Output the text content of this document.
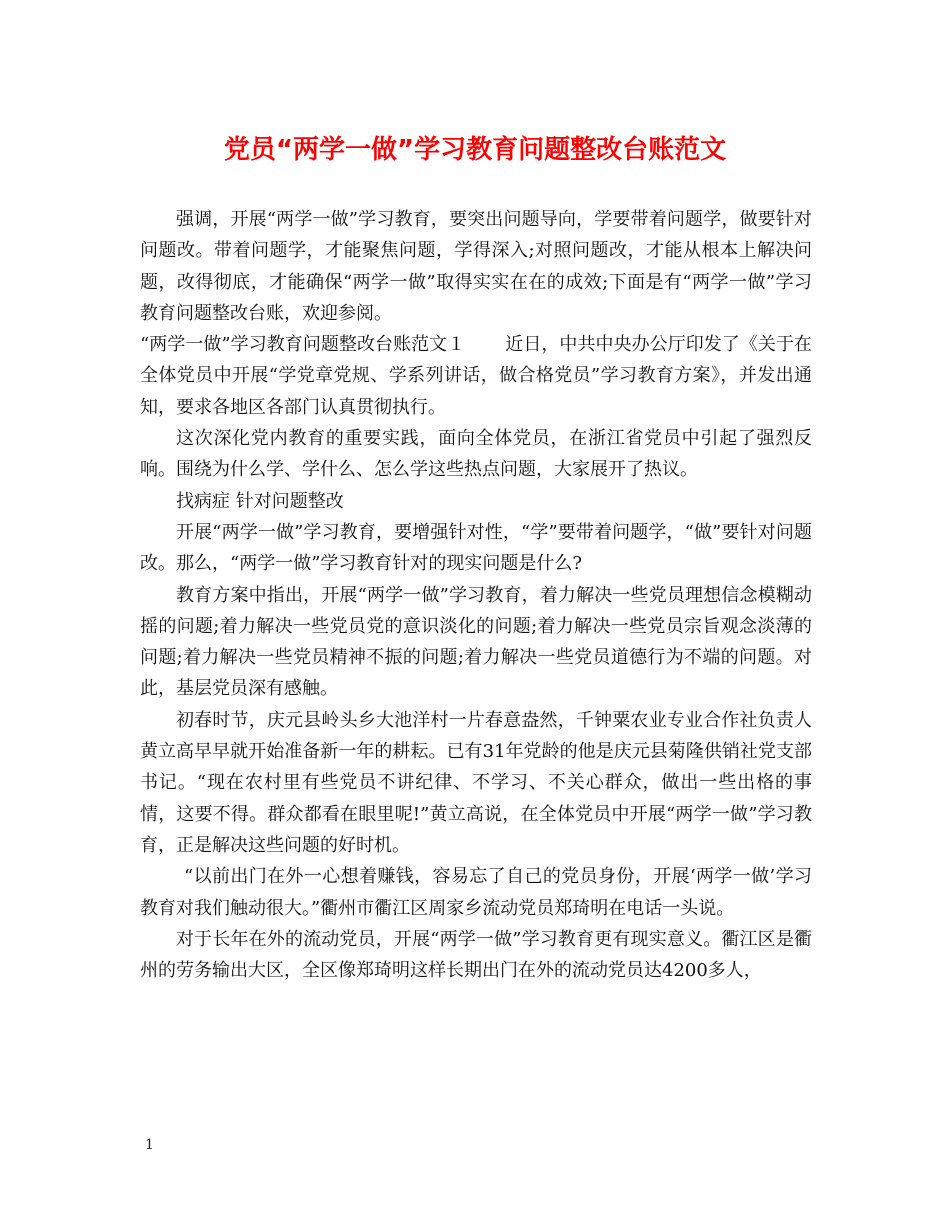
党员“两学一做”学习教育问题整改台账范文

强调，开展“两学一做”学习教育，要突出问题导向，学要带着问题学，做要针对问题改。带着问题学，才能聚焦问题，学得深入;对照问题改，才能从根本上解决问题，改得彻底，才能确保“两学一做”取得实实在在的成效;下面是有“两学一做”学习教育问题整改台账，欢迎参阅。

“两学一做”学习教育问题整改台账范文１ 近日，中共中央办公厅印发了《关于在全体党员中开展“学党章党规、学系列讲话，做合格党员”学习教育方案》，并发出通知，要求各地区各部门认真贯彻执行。

这次深化党内教育的重要实践，面向全体党员，在浙江省党员中引起了强烈反响。围绕为什么学、学什么、怎么学这些热点问题，大家展开了热议。

找病症 针对问题整改

开展“两学一做”学习教育，要增强针对性，“学”要带着问题学，“做”要针对问题改。那么，“两学一做”学习教育针对的现实问题是什么?

教育方案中指出，开展“两学一做”学习教育，着力解决一些党员理想信念模糊动摇的问题;着力解决一些党员党的意识淡化的问题;着力解决一些党员宗旨观念淡薄的问题;着力解决一些党员精神不振的问题;着力解决一些党员道德行为不端的问题。对此，基层党员深有感触。

初春时节，庆元县岭头乡大池洋村一片春意盎然，千钟粟农业专业合作社负责人黄立高早早就开始准备新一年的耕耘。已有31年党龄的他是庆元县菊隆供销社党支部书记。“现在农村里有些党员不讲纪律、不学习、不关心群众，做出一些出格的事情，这要不得。群众都看在眼里呢!”黄立高说，在全体党员中开展“两学一做”学习教育，正是解决这些问题的好时机。

“以前出门在外一心想着赚钱，容易忘了自己的党员身份，开展‘两学一做’学习教育对我们触动很大。”衢州市衢江区周家乡流动党员郑琦明在电话一头说。

对于长年在外的流动党员，开展“两学一做”学习教育更有现实意义。衢江区是衢州的劳务输出大区，全区像郑琦明这样长期出门在外的流动党员达4200多人，

1
